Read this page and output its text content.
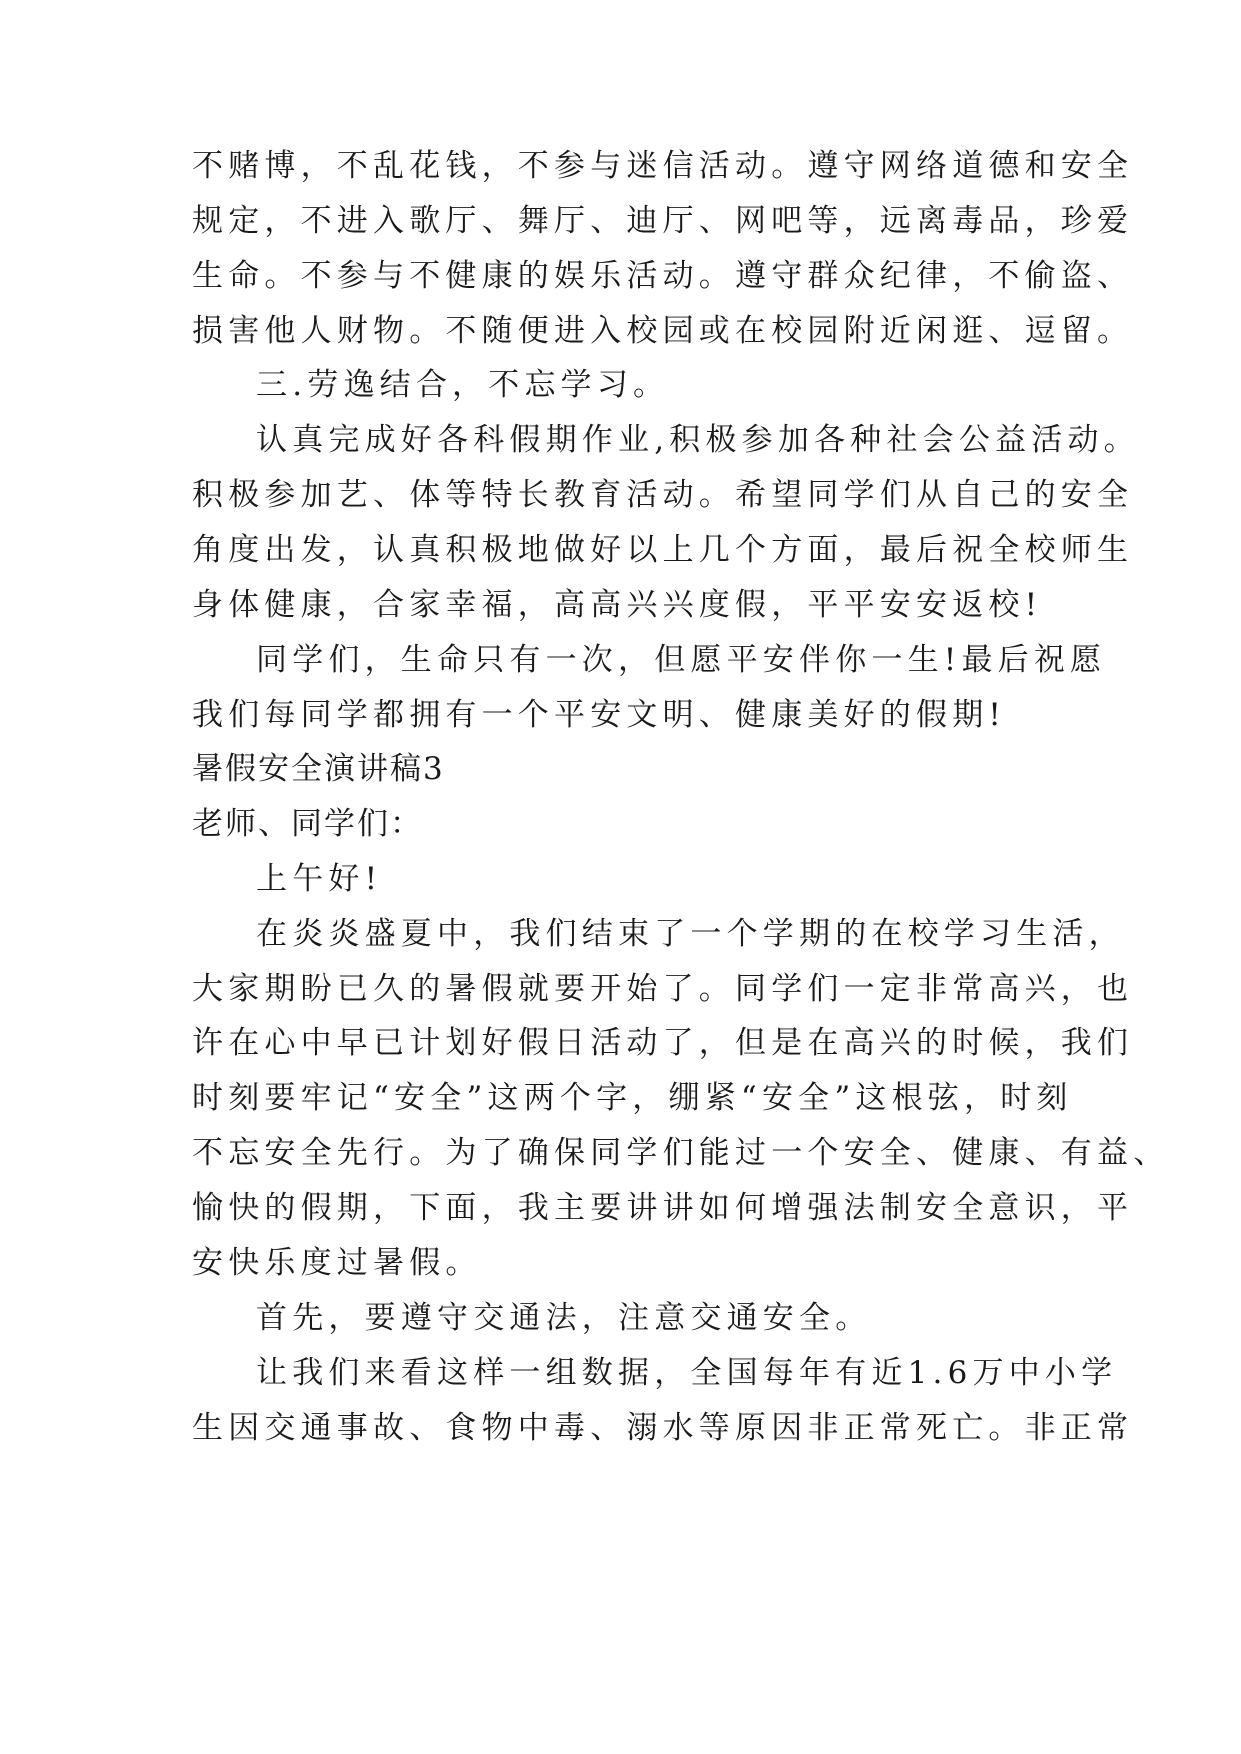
不赌博，不乱花钱，不参与迷信活动。遵守网络道德和安全
规定，不进入歌厅、舞厅、迪厅、网吧等，远离毒品，珍爱
生命。不参与不健康的娱乐活动。遵守群众纪律，不偷盗、
损害他人财物。不随便进入校园或在校园附近闲逛、逗留。
三.劳逸结合，不忘学习。
认真完成好各科假期作业,积极参加各种社会公益活动。
积极参加艺、体等特长教育活动。希望同学们从自己的安全
角度出发，认真积极地做好以上几个方面，最后祝全校师生
身体健康，合家幸福，高高兴兴度假，平平安安返校!
同学们，生命只有一次，但愿平安伴你一生!最后祝愿
我们每同学都拥有一个平安文明、健康美好的假期!
暑假安全演讲稿3
老师、同学们：
上午好!
在炎炎盛夏中，我们结束了一个学期的在校学习生活，
大家期盼已久的暑假就要开始了。同学们一定非常高兴，也
许在心中早已计划好假日活动了，但是在高兴的时候，我们
时刻要牢记“安全”这两个字，绷紧“安全”这根弦，时刻
不忘安全先行。为了确保同学们能过一个安全、健康、有益、
愉快的假期，下面，我主要讲讲如何增强法制安全意识，平
安快乐度过暑假。
首先，要遵守交通法，注意交通安全。
让我们来看这样一组数据，全国每年有近1.6万中小学
生因交通事故、食物中毒、溺水等原因非正常死亡。非正常
